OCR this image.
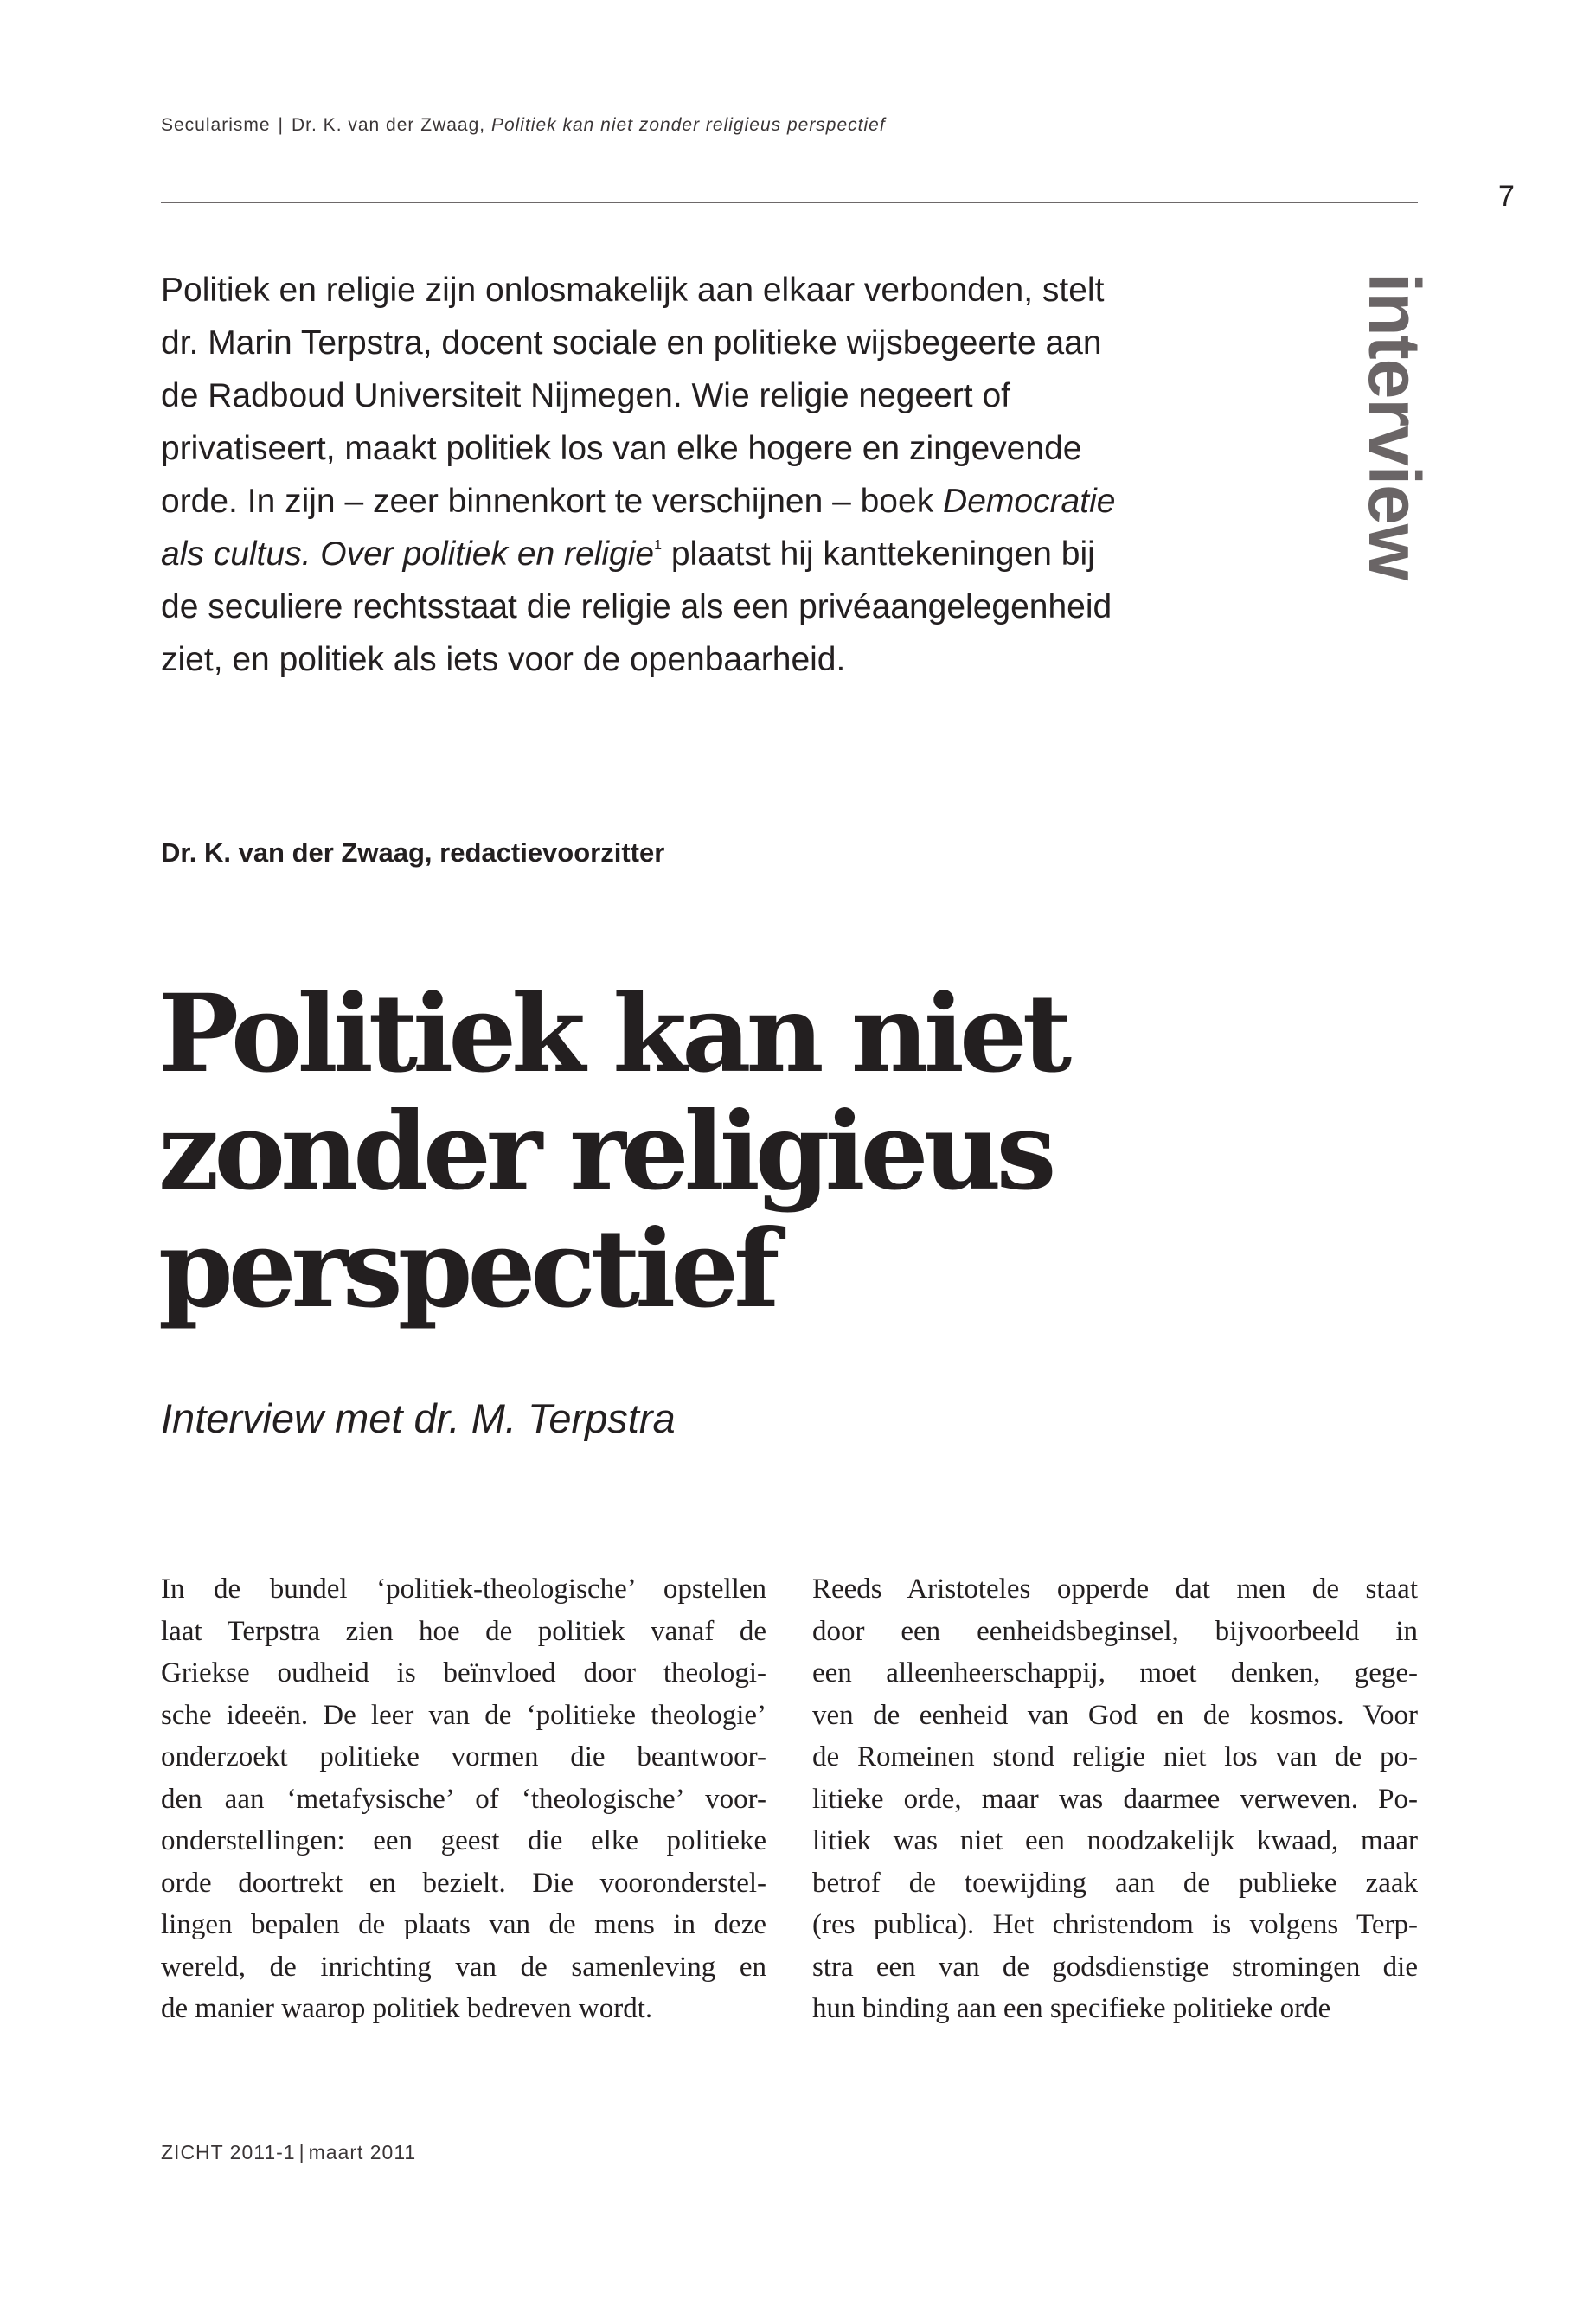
Secularisme | Dr. K. van der Zwaag, Politiek kan niet zonder religieus perspectief
7
interview

Politiek en religie zijn onlosmakelijk aan elkaar verbonden, stelt dr. Marin Terpstra, docent sociale en politieke wijsbegeerte aan de Radboud Universiteit Nijmegen. Wie religie negeert of privatiseert, maakt politiek los van elke hogere en zingevende orde. In zijn – zeer binnenkort te verschijnen – boek Democratie als cultus. Over politiek en religie$^1$ plaatst hij kanttekeningen bij de seculiere rechtsstaat die religie als een privéaangelegenheid ziet, en politiek als iets voor de openbaarheid.

Dr. K. van der Zwaag, redactievoorzitter
Politiek kan niet
zonder religieus
perspectief
Interview met dr. M. Terpstra
In de bundel ‘politiek-theologische’ opstellen
laat Terpstra zien hoe de politiek vanaf de
Griekse oudheid is beïnvloed door theologi-
sche ideeën. De leer van de ‘politieke theologie’
onderzoekt politieke vormen die beantwoor-
den aan ‘metafysische’ of ‘theologische’ voor-
onderstellingen: een geest die elke politieke
orde doortrekt en bezielt. Die vooronderstel-
lingen bepalen de plaats van de mens in deze
wereld, de inrichting van de samenleving en
de manier waarop politiek bedreven wordt.
Reeds Aristoteles opperde dat men de staat
door een eenheidsbeginsel, bijvoorbeeld in
een alleenheerschappij, moet denken, gege-
ven de eenheid van God en de kosmos. Voor
de Romeinen stond religie niet los van de po-
litieke orde, maar was daarmee verweven. Po-
litiek was niet een noodzakelijk kwaad, maar
betrof de toewijding aan de publieke zaak
(res publica). Het christendom is volgens Terp-
stra een van de godsdienstige stromingen die
hun binding aan een specifieke politieke orde
ZICHT 2011-1 | maart 2011
